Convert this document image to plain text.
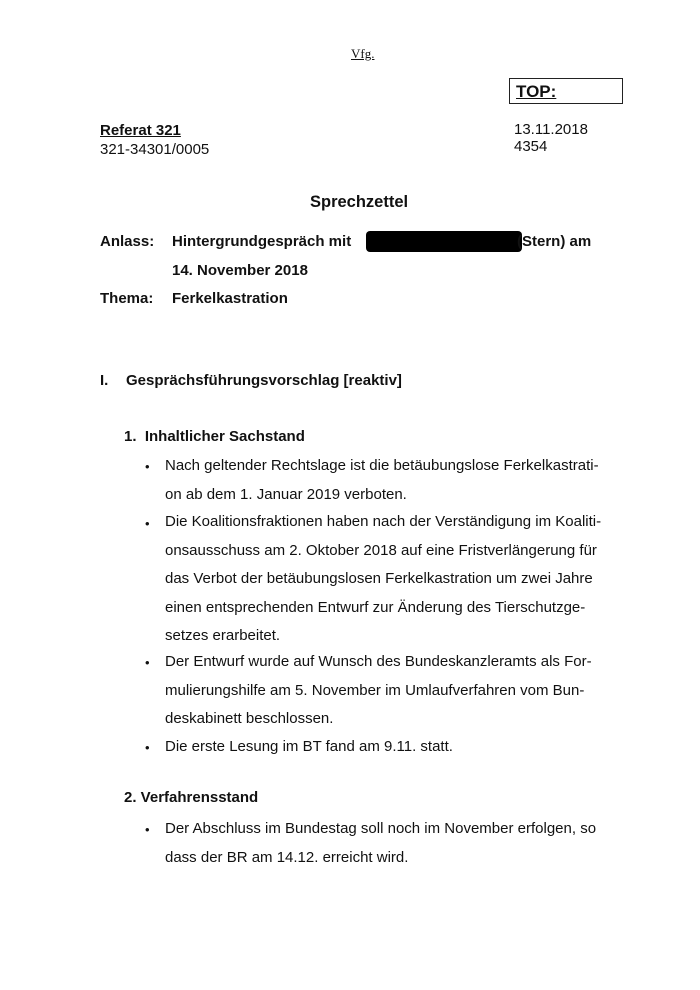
Vfg.
TOP:
Referat 321
321-34301/0005
13.11.2018
4354
Sprechzettel
Anlass: Hintergrundgespräch mit	(Stern) am
14. November 2018
Thema: Ferkelkastration
I. Gesprächsführungsvorschlag [reaktiv]
1.  Inhaltlicher Sachstand
• Nach geltender Rechtslage ist die betäubungslose Ferkelkastrati-
on ab dem 1. Januar 2019 verboten.
• Die Koalitionsfraktionen haben nach der Verständigung im Koaliti-
onsausschuss am 2. Oktober 2018 auf eine Fristverlängerung für
das Verbot der betäubungslosen Ferkelkastration um zwei Jahre
einen entsprechenden Entwurf zur Änderung des Tierschutzge-
setzes erarbeitet.
• Der Entwurf wurde auf Wunsch des Bundeskanzleramts als For-
mulierungshilfe am 5. November im Umlaufverfahren vom Bun-
deskabinett beschlossen.
• Die erste Lesung im BT fand am 9.11. statt.
2. Verfahrensstand
• Der Abschluss im Bundestag soll noch im November erfolgen, so
dass der BR am 14.12. erreicht wird.
